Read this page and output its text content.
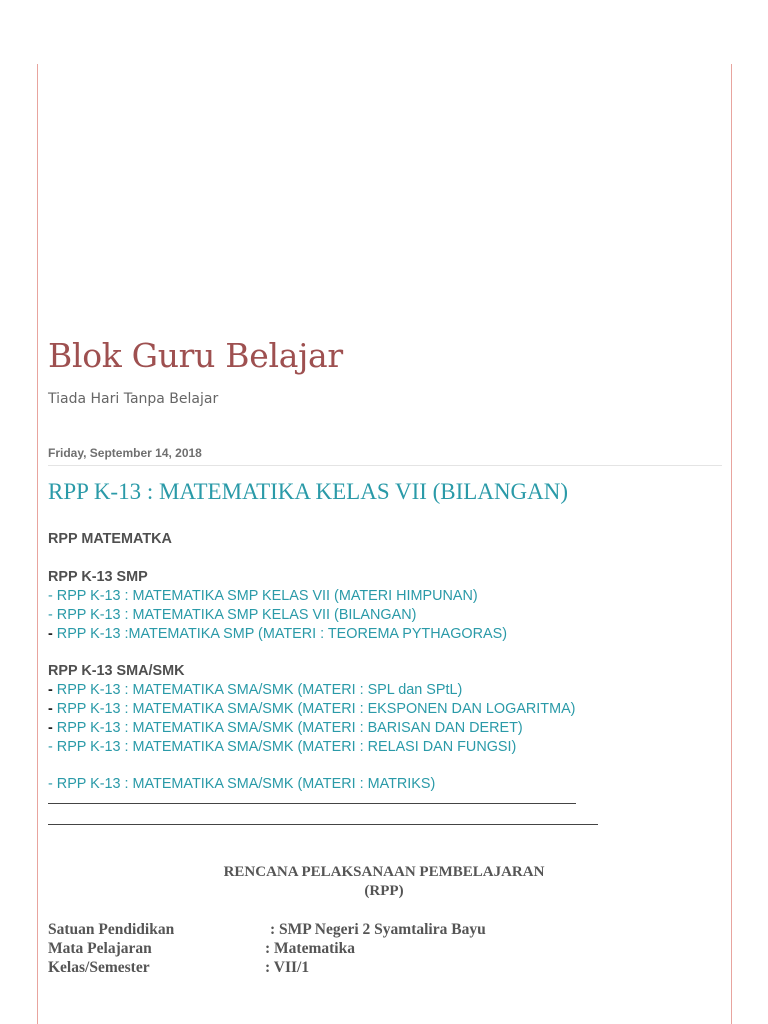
Blok Guru Belajar

Tiada Hari Tanpa Belajar

Friday, September 14, 2018
RPP K-13 : MATEMATIKA KELAS VII (BILANGAN)
RPP MATEMATKA
RPP K-13 SMP
- RPP K-13 : MATEMATIKA SMP KELAS VII (MATERI HIMPUNAN)
- RPP K-13 : MATEMATIKA SMP KELAS VII (BILANGAN)
- RPP K-13 :MATEMATIKA SMP (MATERI : TEOREMA PYTHAGORAS)
RPP K-13 SMA/SMK
- RPP K-13 : MATEMATIKA SMA/SMK (MATERI : SPL dan SPtL)
- RPP K-13 : MATEMATIKA SMA/SMK (MATERI : EKSPONEN DAN LOGARITMA)
- RPP K-13 : MATEMATIKA SMA/SMK (MATERI : BARISAN DAN DERET)
- RPP K-13 : MATEMATIKA SMA/SMK (MATERI : RELASI DAN FUNGSI)
- RPP K-13 : MATEMATIKA SMA/SMK (MATERI : MATRIKS)
RENCANA PELAKSANAAN PEMBELAJARAN
(RPP)
Satuan Pendidikan	: SMP Negeri 2 Syamtalira Bayu
Mata Pelajaran	: Matematika
Kelas/Semester	: VII/1
